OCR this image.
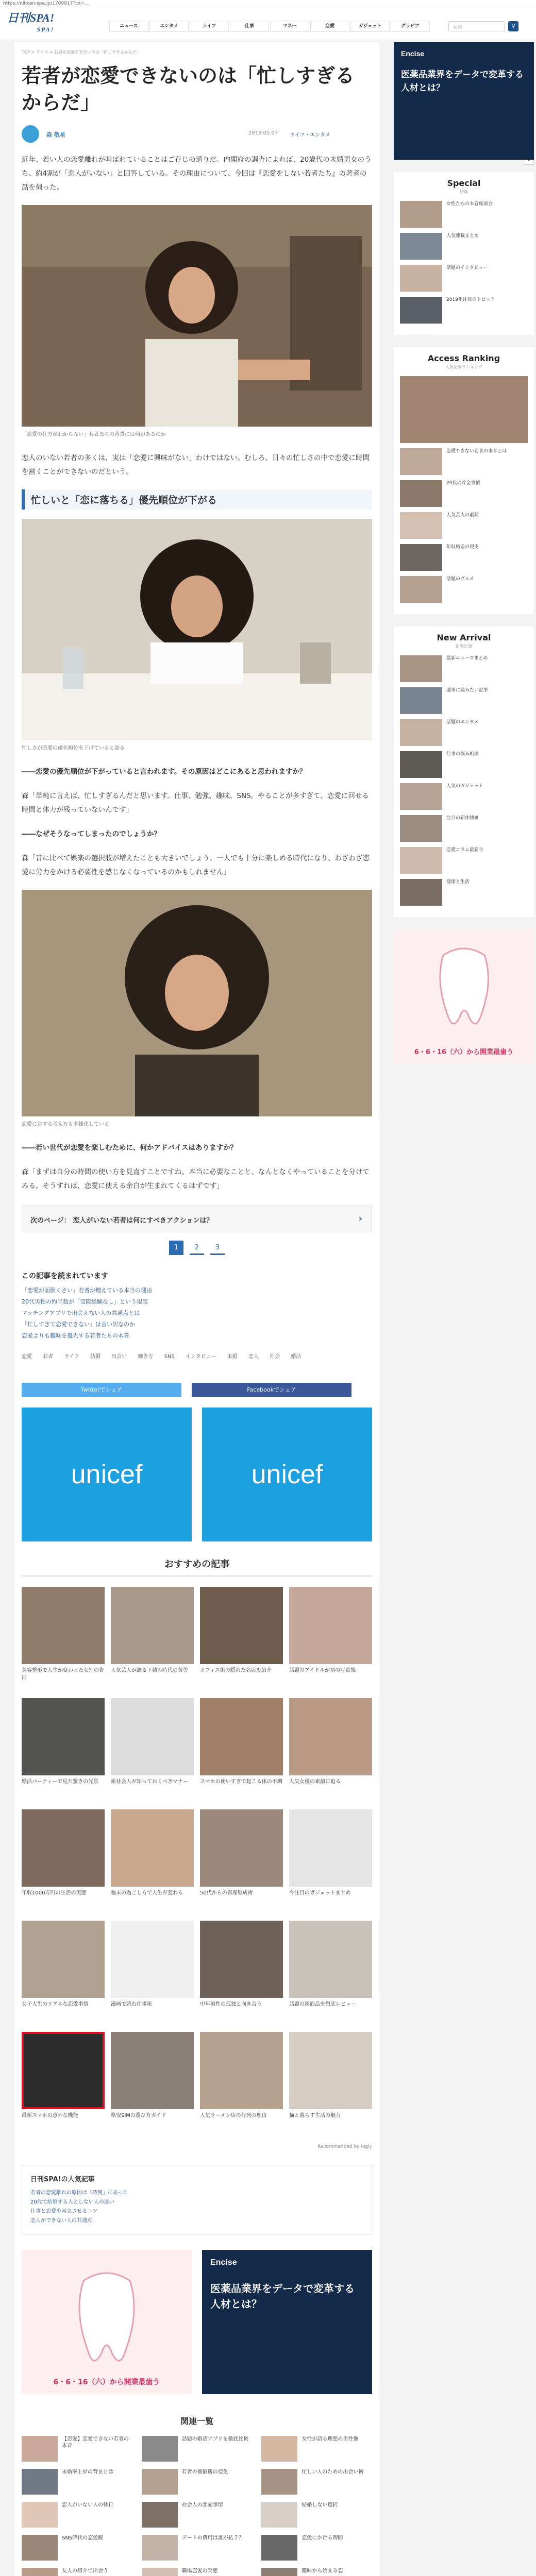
https://nikkan-spa.jp/1709817?cx=...
日刊SPA!
SPA!	ニュース	エンタメ	ライフ	仕事	マネー	恋愛	ガジェット	グラビア	検索	⚲
TOP > ライフ > 若者が恋愛できないのは「忙しすぎるからだ」
若者が恋愛できないのは「忙しすぎるからだ」
森 敬星	2019.05.07 ライフ・エンタメ

近年、若い人の恋愛離れが叫ばれていることはご存じの通りだ。内閣府の調査によれば、20歳代の未婚男女のうち、約4割が「恋人がいない」と回答している。その理由について、今回は『恋愛をしない若者たち』の著者の話を伺った。

「恋愛の仕方がわからない」若者たちの背景には何があるのか

恋人のいない若者の多くは、実は「恋愛に興味がない」わけではない。むしろ、日々の忙しさの中で恋愛に時間を割くことができないのだという。

忙しいと「恋に落ちる」優先順位が下がる
忙しさが恋愛の優先順位を下げていると語る

――恋愛の優先順位が下がっていると言われます。その原因はどこにあると思われますか？

森「単純に言えば、忙しすぎるんだと思います。仕事、勉強、趣味、SNS。やることが多すぎて、恋愛に回せる時間と体力が残っていないんです」

――なぜそうなってしまったのでしょうか？

森「昔に比べて娯楽の選択肢が増えたことも大きいでしょう。一人でも十分に楽しめる時代になり、わざわざ恋愛に労力をかける必要性を感じなくなっているのかもしれません」

恋愛に対する考え方も多様化している

――若い世代が恋愛を楽しむために、何かアドバイスはありますか？

森「まずは自分の時間の使い方を見直すことですね。本当に必要なことと、なんとなくやっていることを分けてみる。そうすれば、恋愛に使える余白が生まれてくるはずです」

次のページ： 恋人がいない若者は何にすべきアクションは？	›
1	2	3
この記事を読まれています
「恋愛が面倒くさい」若者が増えている本当の理由
20代男性の約半数が「交際経験なし」という現実
マッチングアプリで出会えない人の共通点とは
「忙しすぎて恋愛できない」は言い訳なのか
恋愛よりも趣味を優先する若者たちの本音
恋愛 若者 ライフ 結婚 出会い 働き方 SNS インタビュー 未婚 恋人 社会 婚活
Twitterでシェア	Facebookでシェア
unicef	unicef
おすすめの記事
美容整形で人生が変わった女性の告白
人気芸人が語る下積み時代の苦労	オフィス街の隠れた名店を紹介	話題のアイドルが初の写真集
婚活パーティーで見た驚きの光景	新社会人が知っておくべきマナー	スマホの使いすぎで起こる体の不調 人気女優の素顔に迫る
年収1000万円の生活の実態	週末の過ごし方で人生が変わる	50代からの資産形成術	今注目のガジェットまとめ
女子大生のリアルな恋愛事情	漫画で読む仕事術	中年男性の孤独と向き合う	話題の新商品を徹底レビュー
最新スマホの意外な機能	格安SIMの選び方ガイド	人気ラーメン店の行列の理由	猫と暮らす生活の魅力
Recommended by logly
日刊SPA!の人気記事
若者の恋愛離れの原因は「時間」にあった
20代で結婚する人としない人の違い
仕事と恋愛を両立させるコツ
恋人ができない人の共通点
6・6・16（六）から開業最歯う
Encise
医薬品業界をデータで変革する人材とは？
関連一覧
【恋愛】恋愛できない若者の本音
話題の婚活アプリを徹底比較	女性が語る理想の男性像
未婚率上昇の背景とは	若者の価値観の変化	忙しい人のための出会い術
恋人がいない人の休日	社会人の恋愛事情	結婚しない選択
SNS時代の恋愛観	デートの費用は誰が払う？	恋愛にかける時間
友人の紹介で出会う	職場恋愛の実態	趣味から始まる恋
Encise
医薬品業界をデータで変革する人材とは？
Special
特集
女性たちの本音座談会
人気連載まとめ
話題のインタビュー
2019年注目のトピック
Access Ranking
人気記事ランキング
恋愛できない若者の本音とは
20代の貯金事情
人気芸人の素顔
年収格差の現実
話題のグルメ
New Arrival
新着記事
最新ニュースまとめ
週末に読みたい記事
話題のエンタメ
仕事の悩み相談
人気のガジェット
注目の新作映画
恋愛コラム最新号
健康と生活
6・6・16（六）から開業最歯う
